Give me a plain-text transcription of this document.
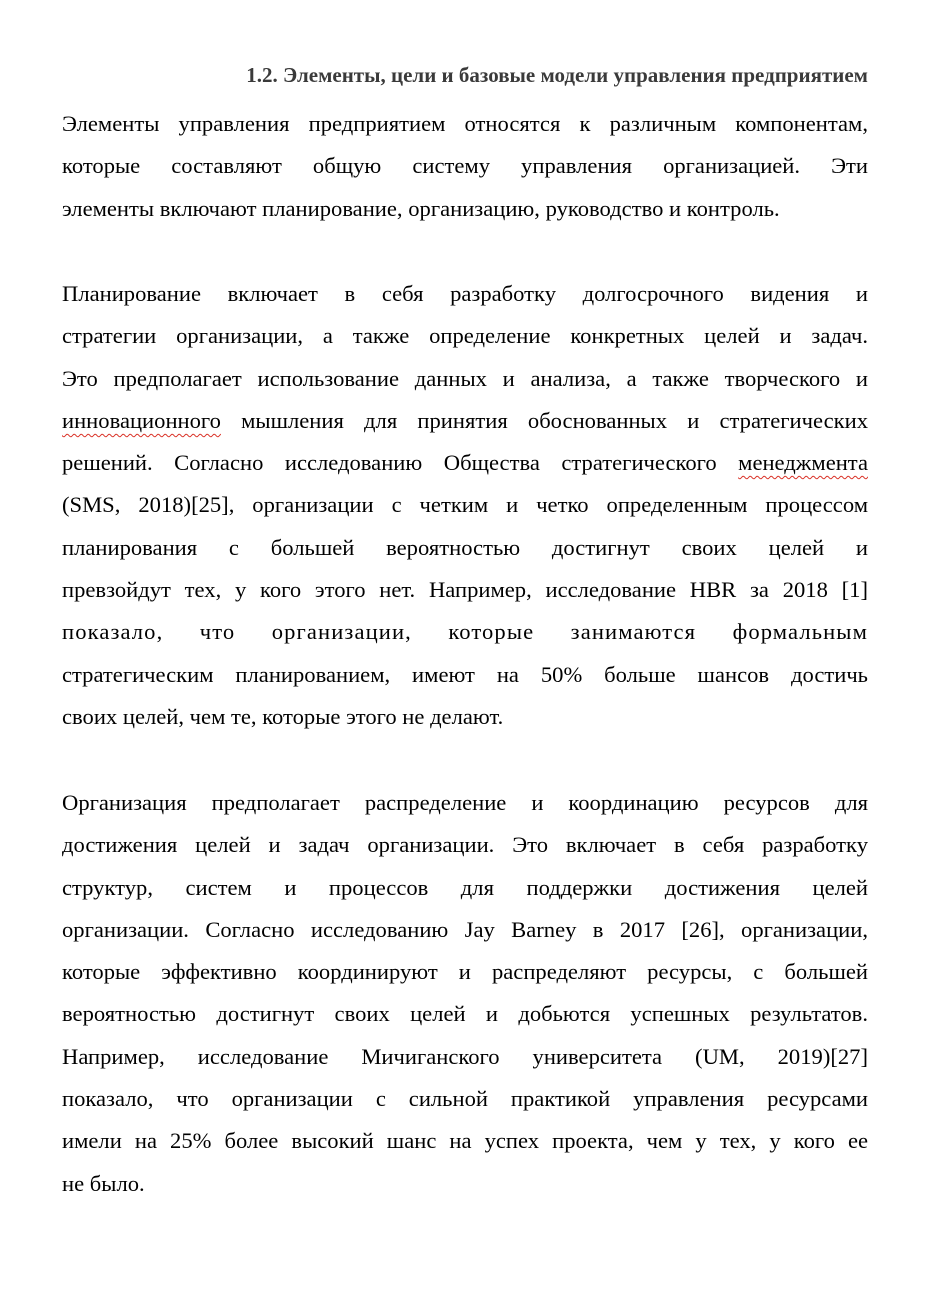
1.2. Элементы, цели и базовые модели управления предприятием
Элементы управления предприятием относятся к различным компонентам,
которые составляют общую систему управления организацией. Эти
элементы включают планирование, организацию, руководство и контроль.
Планирование включает в себя разработку долгосрочного видения и
стратегии организации, а также определение конкретных целей и задач.
Это предполагает использование данных и анализа, а также творческого и
инновационного мышления для принятия обоснованных и стратегических
решений. Согласно исследованию Общества стратегического менеджмента
(SMS, 2018)[25], организации с четким и четко определенным процессом
планирования с большей вероятностью достигнут своих целей и
превзойдут тех, у кого этого нет. Например, исследование HBR за 2018 [1]
показало, что организации, которые занимаются формальным
стратегическим планированием, имеют на 50% больше шансов достичь
своих целей, чем те, которые этого не делают.
Организация предполагает распределение и координацию ресурсов для
достижения целей и задач организации. Это включает в себя разработку
структур, систем и процессов для поддержки достижения целей
организации. Согласно исследованию Jay Barney в 2017 [26], организации,
которые эффективно координируют и распределяют ресурсы, с большей
вероятностью достигнут своих целей и добьются успешных результатов.
Например, исследование Мичиганского университета (UM, 2019)[27]
показало, что организации с сильной практикой управления ресурсами
имели на 25% более высокий шанс на успех проекта, чем у тех, у кого ее
не было.
